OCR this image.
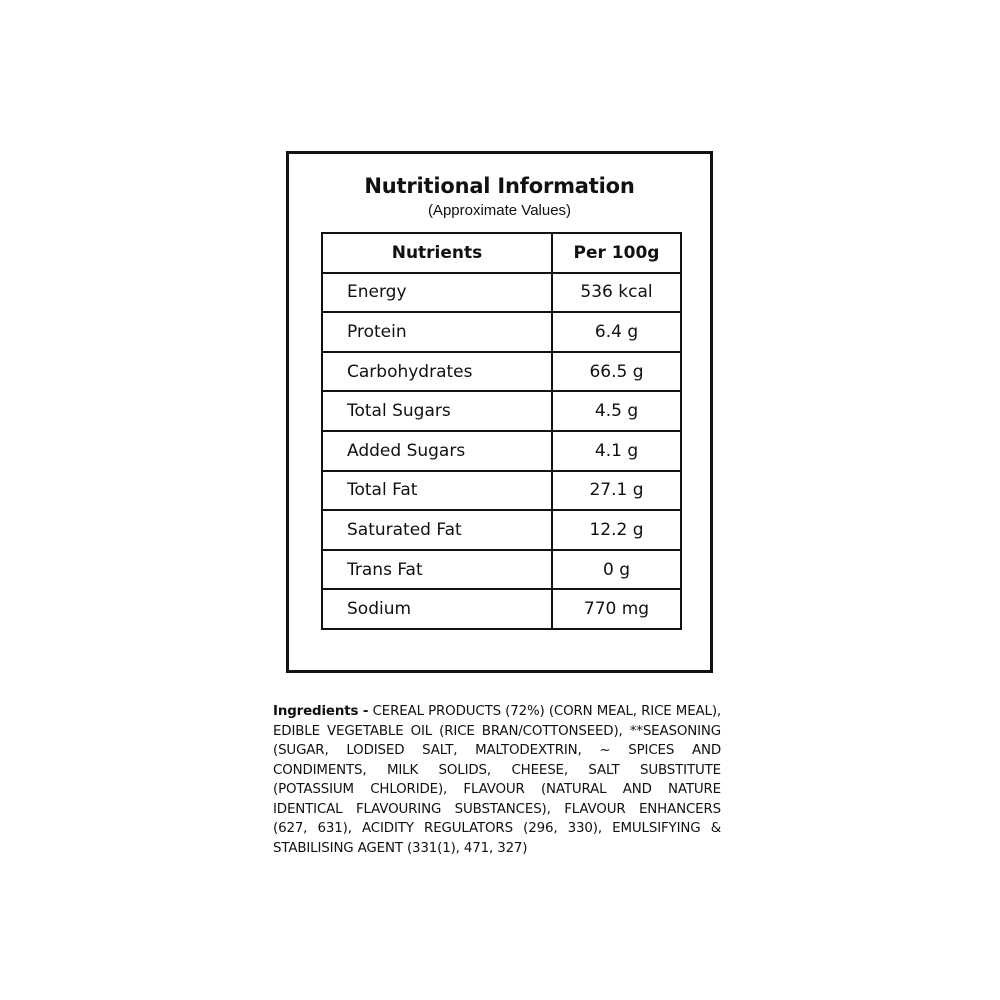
Nutritional Information
(Approximate Values)
Nutrients	Per 100g
Energy	536 kcal
Protein	6.4 g
Carbohydrates	66.5 g
Total Sugars	4.5 g
Added Sugars	4.1 g
Total Fat	27.1 g
Saturated Fat	12.2 g
Trans Fat	0 g
Sodium	770 mg
Ingredients - CEREAL PRODUCTS (72%) (CORN MEAL, RICE MEAL), EDIBLE VEGETABLE OIL (RICE BRAN/COTTONSEED), **SEASONING (SUGAR, LODISED SALT, MALTODEXTRIN, ~ SPICES AND CONDIMENTS, MILK SOLIDS, CHEESE, SALT SUBSTITUTE (POTASSIUM CHLORIDE), FLAVOUR (NATURAL AND NATURE IDENTICAL FLAVOURING SUBSTANCES), FLAVOUR ENHANCERS (627, 631), ACIDITY REGULATORS (296, 330), EMULSIFYING & STABILISING AGENT (331(1), 471, 327)
